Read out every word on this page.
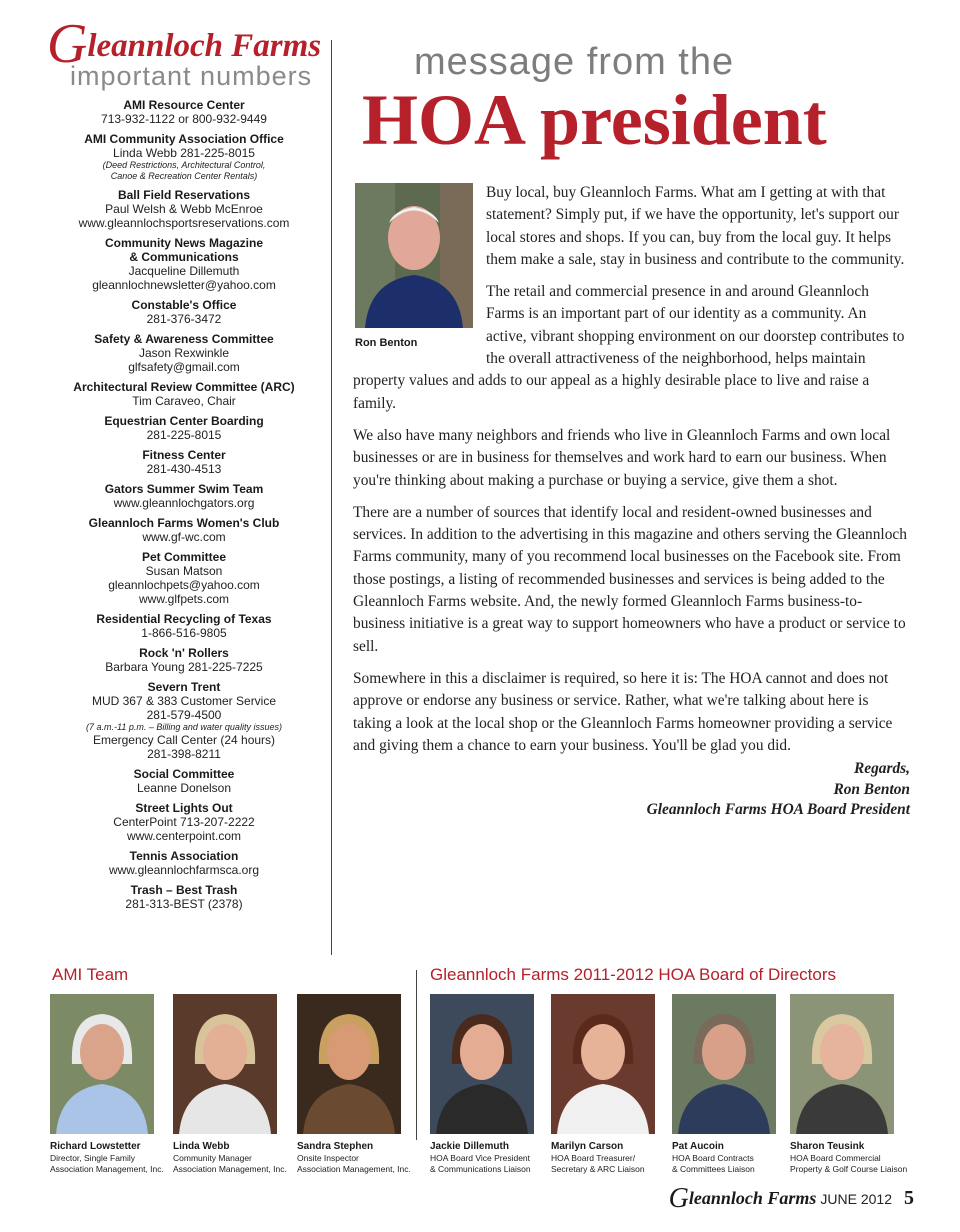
Gleannloch Farms
important numbers
AMI Resource Center
713-932-1122 or 800-932-9449
AMI Community Association Office
Linda Webb 281-225-8015
(Deed Restrictions, Architectural Control,
Canoe & Recreation Center Rentals)
Ball Field Reservations
Paul Welsh & Webb McEnroe
www.gleannlochsportsreservations.com
Community News Magazine & Communications
Jacqueline Dillemuth
gleannlochnewsletter@yahoo.com
Constable's Office
281-376-3472
Safety & Awareness Committee
Jason Rexwinkle
glfsafety@gmail.com
Architectural Review Committee (ARC)
Tim Caraveo, Chair
Equestrian Center Boarding
281-225-8015
Fitness Center
281-430-4513
Gators Summer Swim Team
www.gleannlochgators.org
Gleannloch Farms Women's Club
www.gf-wc.com
Pet Committee
Susan Matson
gleannlochpets@yahoo.com
www.glfpets.com
Residential Recycling of Texas
1-866-516-9805
Rock 'n' Rollers
Barbara Young 281-225-7225
Severn Trent
MUD 367 & 383 Customer Service
281-579-4500
(7 a.m.-11 p.m. – Billing and water quality issues)
Emergency Call Center (24 hours)
281-398-8211
Social Committee
Leanne Donelson
Street Lights Out
CenterPoint 713-207-2222
www.centerpoint.com
Tennis Association
www.gleannlochfarmsca.org
Trash – Best Trash
281-313-BEST (2378)
message from the
HOA president
Ron Benton

Buy local, buy Gleannloch Farms. What am I getting at with that statement? Simply put, if we have the opportunity, let's support our local stores and shops. If you can, buy from the local guy. It helps them make a sale, stay in business and contribute to the community.

The retail and commercial presence in and around Gleannloch Farms is an important part of our identity as a community. An active, vibrant shopping environment on our doorstep contributes to the overall attractiveness of the neighborhood, helps maintain property values and adds to our appeal as a highly desirable place to live and raise a family.

We also have many neighbors and friends who live in Gleannloch Farms and own local businesses or are in business for themselves and work hard to earn our business. When you're thinking about making a purchase or buying a service, give them a shot.

There are a number of sources that identify local and resident-owned businesses and services. In addition to the advertising in this magazine and others serving the Gleannloch Farms community, many of you recommend local businesses on the Facebook site. From those postings, a listing of recommended businesses and services is being added to the Gleannloch Farms website. And, the newly formed Gleannloch Farms business-to-business initiative is a great way to support homeowners who have a product or service to sell.

Somewhere in this a disclaimer is required, so here it is: The HOA cannot and does not approve or endorse any business or service. Rather, what we're talking about here is taking a look at the local shop or the Gleannloch Farms homeowner providing a service and giving them a chance to earn your business. You'll be glad you did.

Regards,
Ron Benton
Gleannloch Farms HOA Board President
AMI Team	Gleannloch Farms 2011-2012 HOA Board of Directors
Richard Lowstetter
Director, Single Family
Association Management, Inc.
Linda Webb
Community Manager
Association Management, Inc.
Sandra Stephen
Onsite Inspector
Association Management, Inc.
Jackie Dillemuth
HOA Board Vice President
& Communications Liaison
Marilyn Carson
HOA Board Treasurer/
Secretary & ARC Liaison
Pat Aucoin
HOA Board Contracts
& Committees Liaison
Sharon Teusink
HOA Board Commercial
Property & Golf Course Liaison
Gleannloch Farms JUNE 2012 5
